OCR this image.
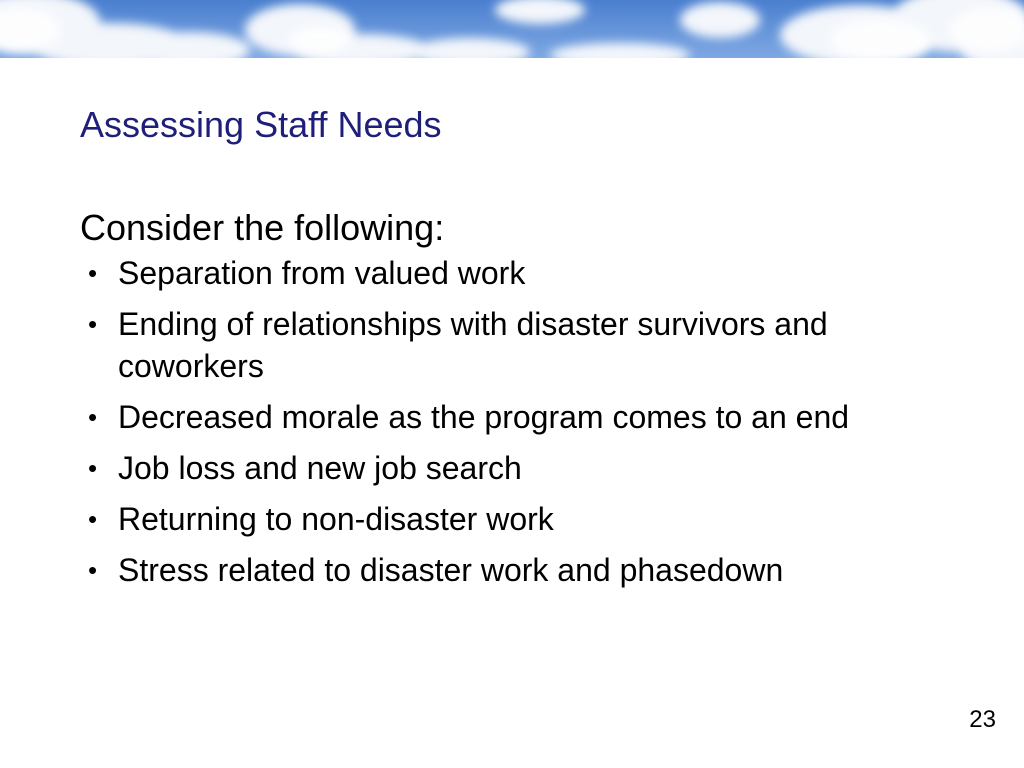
Assessing Staff Needs

Consider the following:

• Separation from valued work
• Ending of relationships with disaster survivors and coworkers
• Decreased morale as the program comes to an end
• Job loss and new job search
• Returning to non-disaster work
• Stress related to disaster work and phasedown
23
